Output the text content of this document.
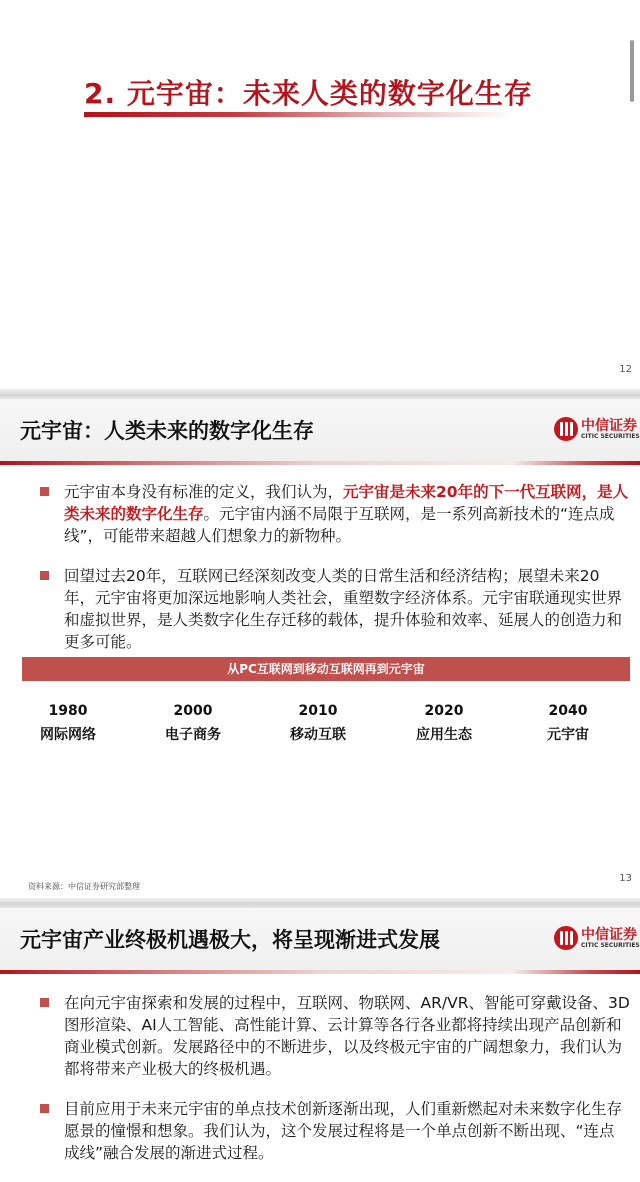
2. 元宇宙：未来人类的数字化生存
12
元宇宙：人类未来的数字化生存	中信证券
CITIC SECURITIES
元宇宙本身没有标准的定义，我们认为，元宇宙是未来20年的下一代互联网，是人类未来的数字化生存。元宇宙内涵不局限于互联网，是一系列高新技术的“连点成线”，可能带来超越人们想象力的新物种。
回望过去20年，互联网已经深刻改变人类的日常生活和经济结构；展望未来20年，元宇宙将更加深远地影响人类社会，重塑数字经济体系。元宇宙联通现实世界和虚拟世界，是人类数字化生存迁移的载体，提升体验和效率、延展人的创造力和更多可能。
从PC互联网到移动互联网再到元宇宙
1980
网际网络
2000
电子商务
2010
移动互联
2020
应用生态
2040
元宇宙
资料来源：中信证券研究部整理
13
元宇宙产业终极机遇极大，将呈现渐进式发展	中信证券
CITIC SECURITIES
在向元宇宙探索和发展的过程中，互联网、物联网、AR/VR、智能可穿戴设备、3D图形渲染、AI人工智能、高性能计算、云计算等各行各业都将持续出现产品创新和商业模式创新。发展路径中的不断进步，以及终极元宇宙的广阔想象力，我们认为都将带来产业极大的终极机遇。
目前应用于未来元宇宙的单点技术创新逐渐出现，人们重新燃起对未来数字化生存愿景的憧憬和想象。我们认为，这个发展过程将是一个单点创新不断出现、“连点成线”融合发展的渐进式过程。
